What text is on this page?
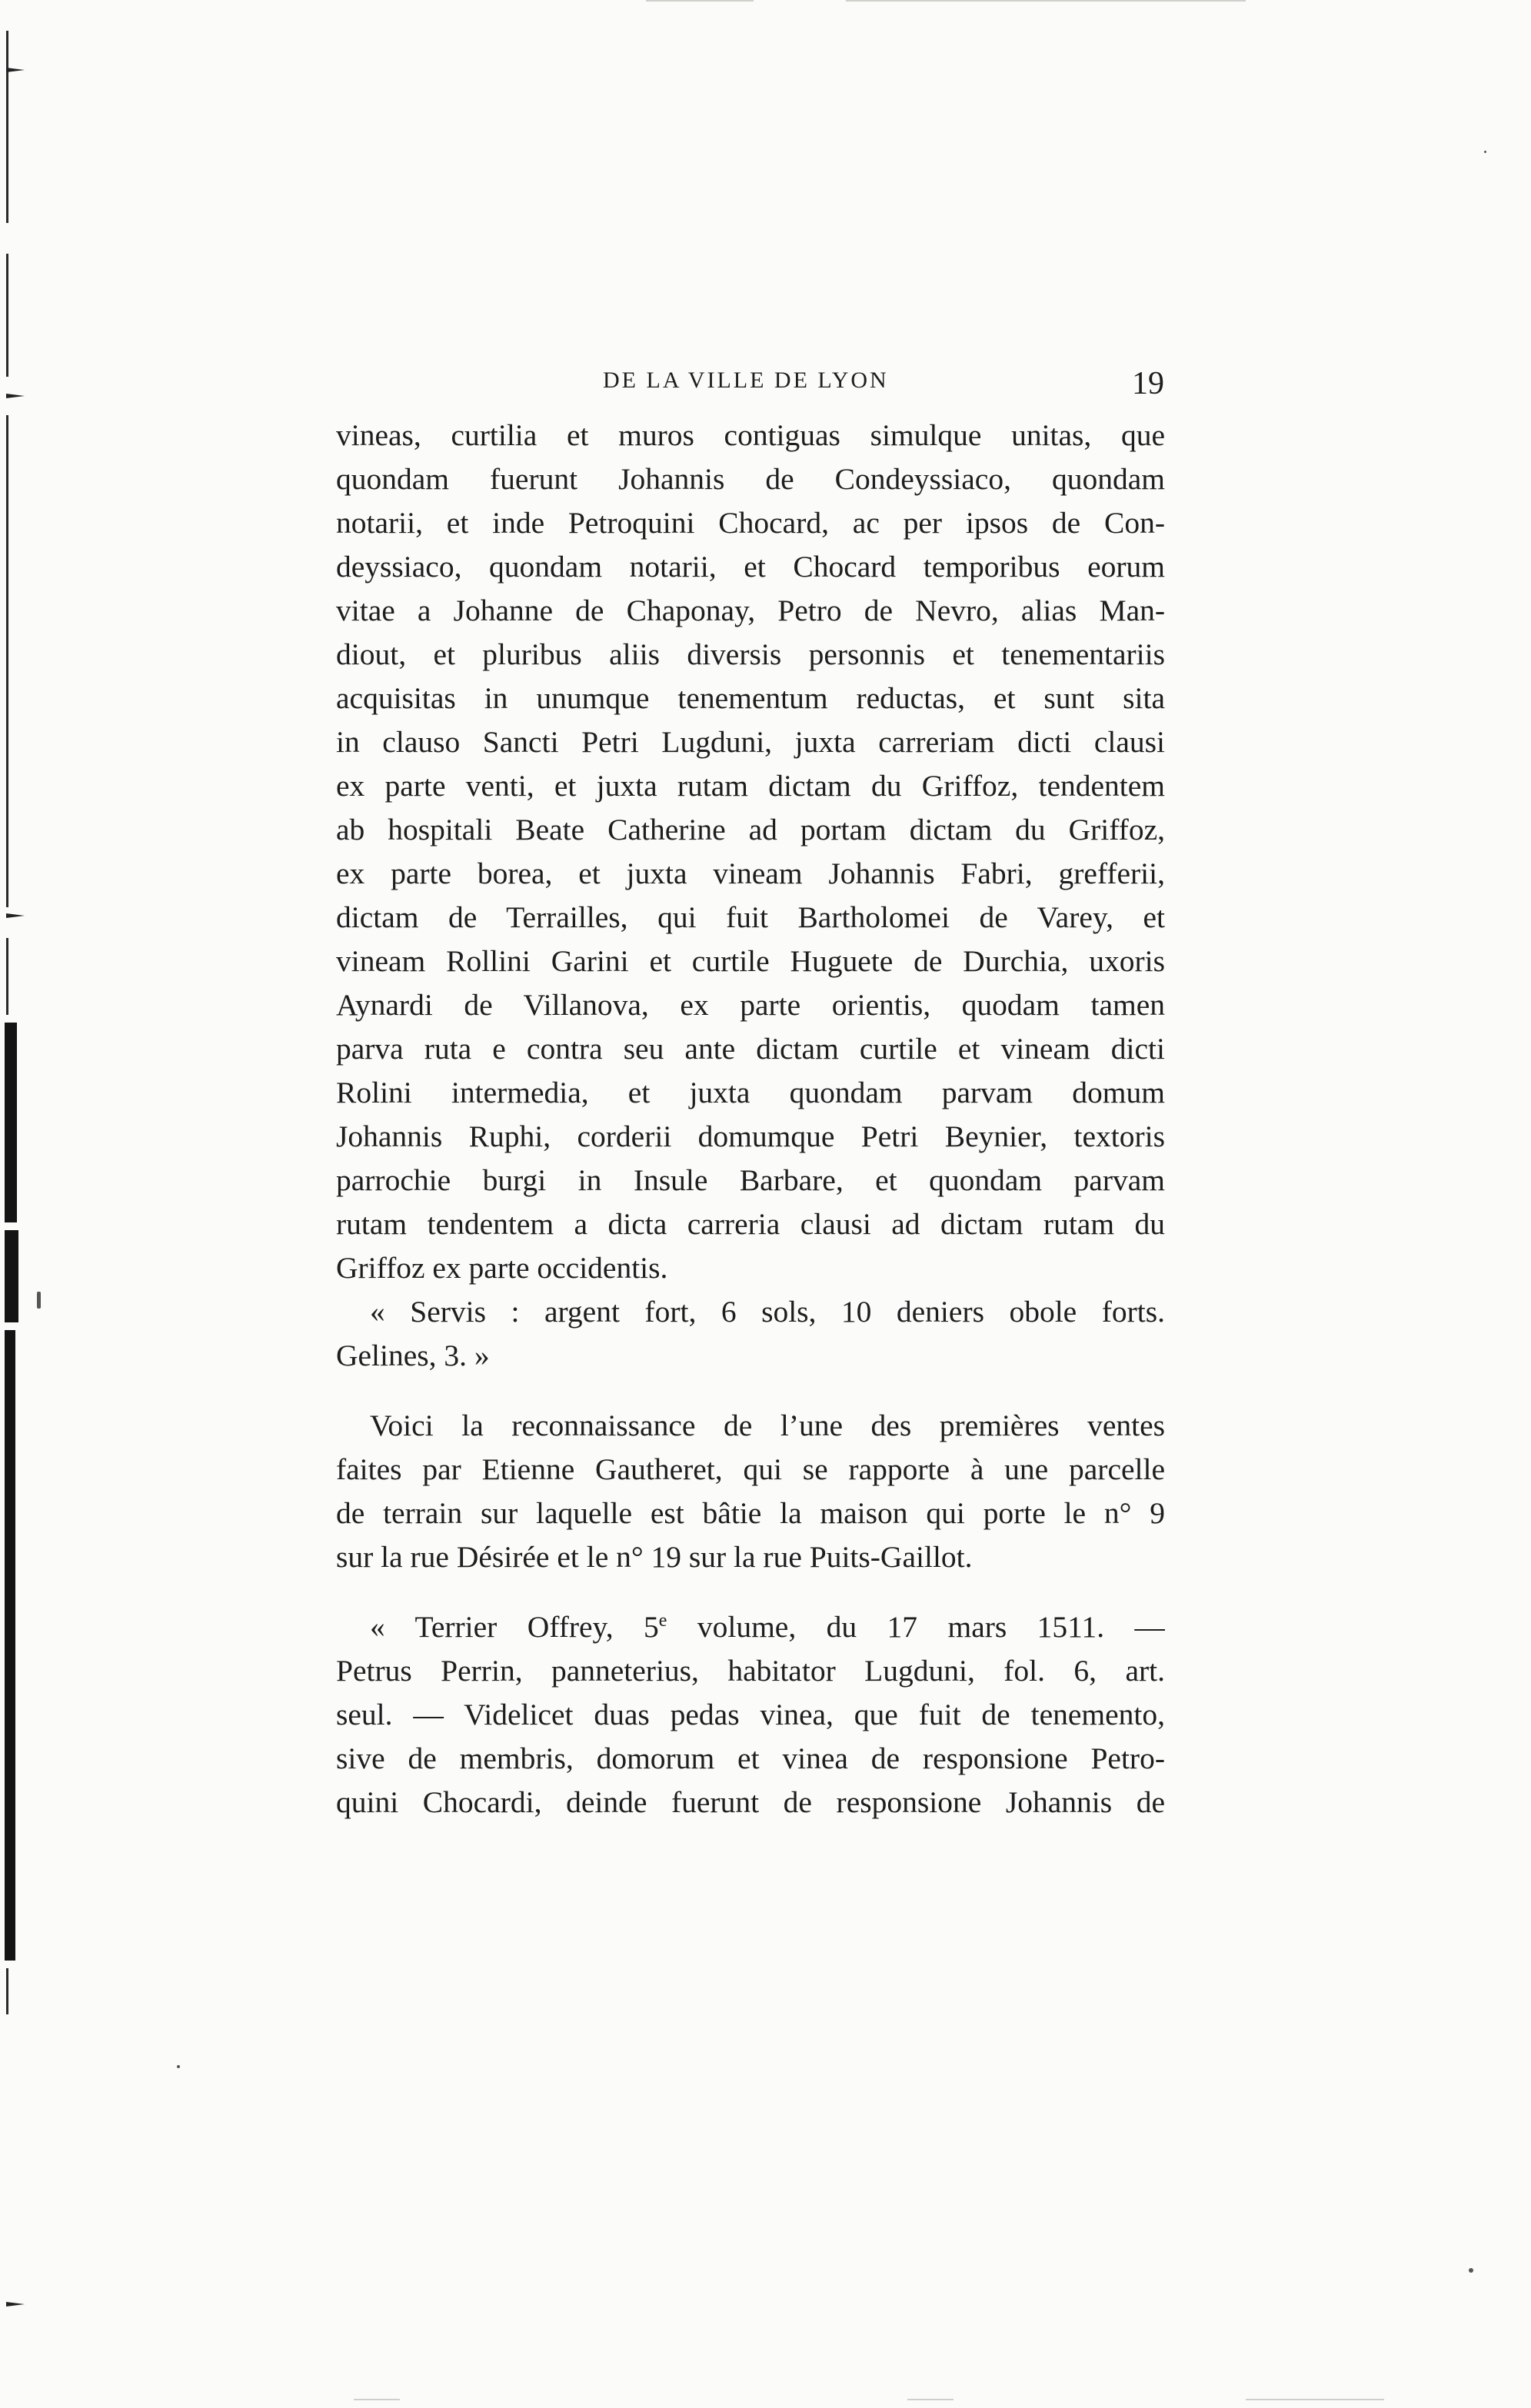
DE LA VILLE DE LYON	19
vineas, curtilia et muros contiguas simulque unitas, que
quondam fuerunt Johannis de Condeyssiaco, quondam
notarii, et inde Petroquini Chocard, ac per ipsos de Con-
deyssiaco, quondam notarii, et Chocard temporibus eorum
vitae a Johanne de Chaponay, Petro de Nevro, alias Man-
diout, et pluribus aliis diversis personnis et tenementariis
acquisitas in unumque tenementum reductas, et sunt sita
in clauso Sancti Petri Lugduni, juxta carreriam dicti clausi
ex parte venti, et juxta rutam dictam du Griffoz, tendentem
ab hospitali Beate Catherine ad portam dictam du Griffoz,
ex parte borea, et juxta vineam Johannis Fabri, grefferii,
dictam de Terrailles, qui fuit Bartholomei de Varey, et
vineam Rollini Garini et curtile Huguete de Durchia, uxoris
Aynardi de Villanova, ex parte orientis, quodam tamen
parva ruta e contra seu ante dictam curtile et vineam dicti
Rolini intermedia, et juxta quondam parvam domum
Johannis Ruphi, corderii domumque Petri Beynier, textoris
parrochie burgi in Insule Barbare, et quondam parvam
rutam tendentem a dicta carreria clausi ad dictam rutam du
Griffoz ex parte occidentis.
« Servis : argent fort, 6 sols, 10 deniers obole forts.
Gelines, 3. »
Voici la reconnaissance de l’une des premières ventes
faites par Etienne Gautheret, qui se rapporte à une parcelle
de terrain sur laquelle est bâtie la maison qui porte le n° 9
sur la rue Désirée et le n° 19 sur la rue Puits-Gaillot.
« Terrier Offrey, 5e volume, du 17 mars 1511. —
Petrus Perrin, panneterius, habitator Lugduni, fol. 6, art.
seul. — Videlicet duas pedas vinea, que fuit de tenemento,
sive de membris, domorum et vinea de responsione Petro-
quini Chocardi, deinde fuerunt de responsione Johannis de
